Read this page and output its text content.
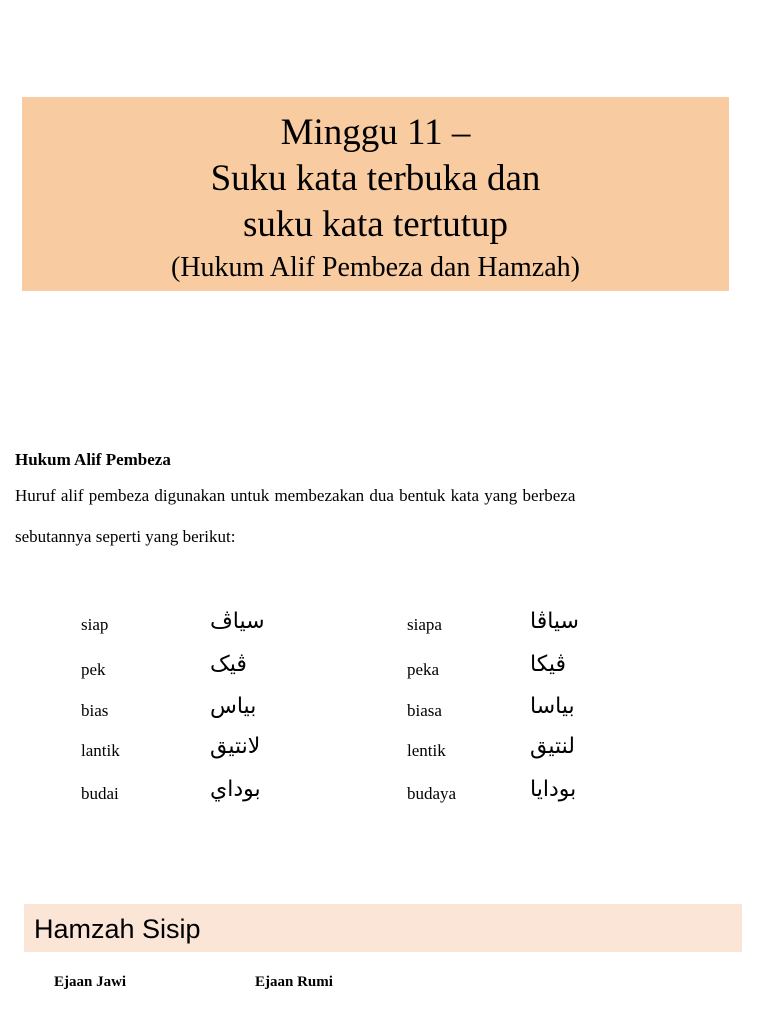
Minggu 11 –
Suku kata terbuka dan
suku kata tertutup
(Hukum Alif Pembeza dan Hamzah)
Hukum Alif Pembeza
Huruf alif pembeza digunakan untuk membezakan dua bentuk kata yang berbeza
sebutannya seperti yang berikut:
siap	سياڤ	siapa	سياڤا
pek	ڤيک	peka	ڤيکا
bias	بياس	biasa	بياسا
lantik	لانتيق	lentik	لنتيق
budai	بوداي	budaya	بودايا
Hamzah Sisip
Ejaan Jawi	Ejaan Rumi
